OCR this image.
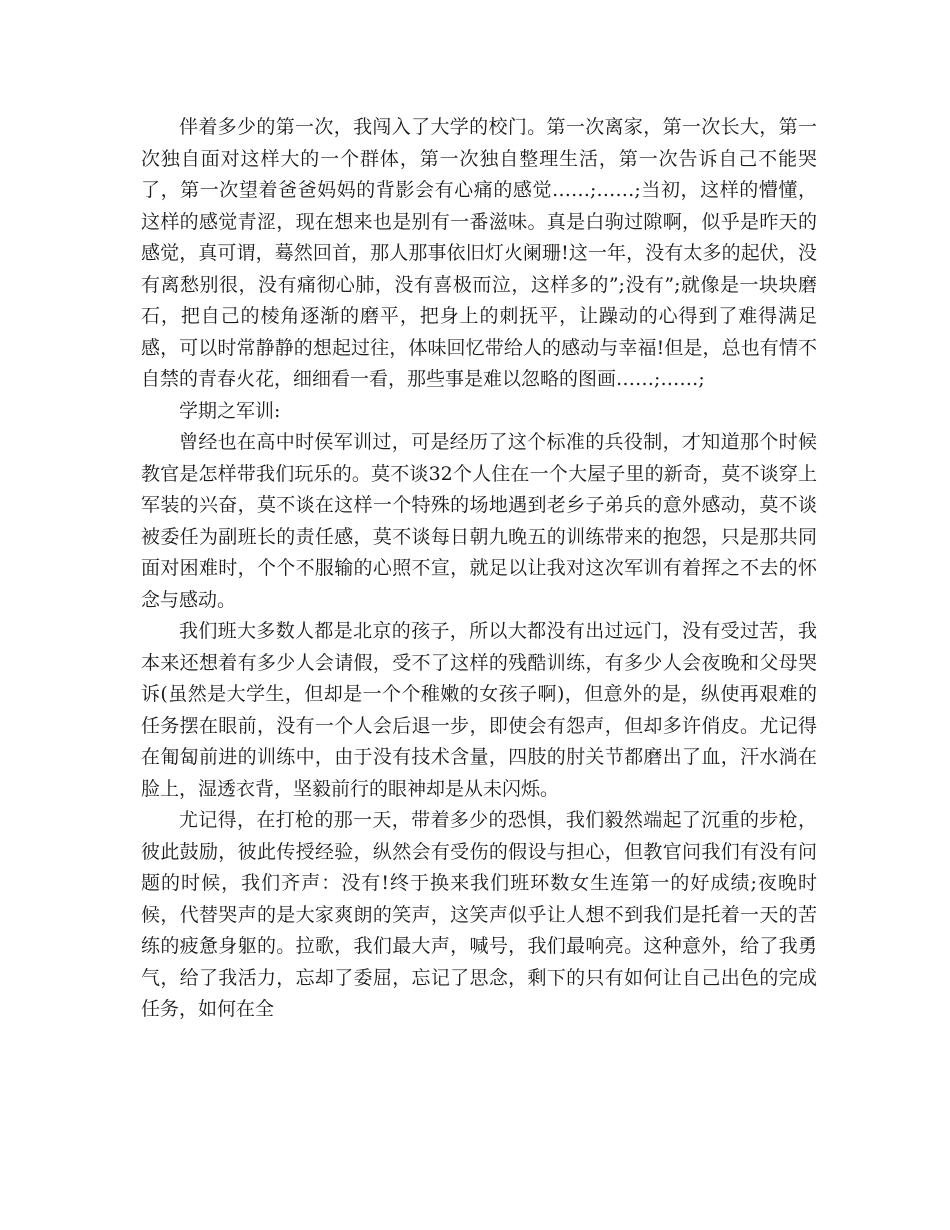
伴着多少的第一次，我闯入了大学的校门。第一次离家，第一次长大，第一次独自面对这样大的一个群体，第一次独自整理生活，第一次告诉自己不能哭了，第一次望着爸爸妈妈的背影会有心痛的感觉……;……;当初，这样的懵懂，这样的感觉青涩，现在想来也是别有一番滋味。真是白驹过隙啊，似乎是昨天的感觉，真可谓，蓦然回首，那人那事依旧灯火阑珊!这一年，没有太多的起伏，没有离愁别很，没有痛彻心肺，没有喜极而泣，这样多的”;没有”;就像是一块块磨石，把自己的棱角逐渐的磨平，把身上的刺抚平，让躁动的心得到了难得满足感，可以时常静静的想起过往，体味回忆带给人的感动与幸福!但是，总也有情不自禁的青春火花，细细看一看，那些事是难以忽略的图画……;……;

学期之军训:

曾经也在高中时侯军训过，可是经历了这个标准的兵役制，才知道那个时候教官是怎样带我们玩乐的。莫不谈32个人住在一个大屋子里的新奇，莫不谈穿上军装的兴奋，莫不谈在这样一个特殊的场地遇到老乡子弟兵的意外感动，莫不谈被委任为副班长的责任感，莫不谈每日朝九晚五的训练带来的抱怨，只是那共同面对困难时，个个不服输的心照不宣，就足以让我对这次军训有着挥之不去的怀念与感动。

我们班大多数人都是北京的孩子，所以大都没有出过远门，没有受过苦，我本来还想着有多少人会请假，受不了这样的残酷训练，有多少人会夜晚和父母哭诉(虽然是大学生，但却是一个个稚嫩的女孩子啊)，但意外的是，纵使再艰难的任务摆在眼前，没有一个人会后退一步，即使会有怨声，但却多许俏皮。尤记得在匍匐前进的训练中，由于没有技术含量，四肢的肘关节都磨出了血，汗水淌在脸上，湿透衣背，坚毅前行的眼神却是从未闪烁。

尤记得，在打枪的那一天，带着多少的恐惧，我们毅然端起了沉重的步枪，彼此鼓励，彼此传授经验，纵然会有受伤的假设与担心，但教官问我们有没有问题的时候，我们齐声：没有!终于换来我们班环数女生连第一的好成绩;夜晚时候，代替哭声的是大家爽朗的笑声，这笑声似乎让人想不到我们是托着一天的苦练的疲惫身躯的。拉歌，我们最大声，喊号，我们最响亮。这种意外，给了我勇气，给了我活力，忘却了委屈，忘记了思念，剩下的只有如何让自己出色的完成任务，如何在全
